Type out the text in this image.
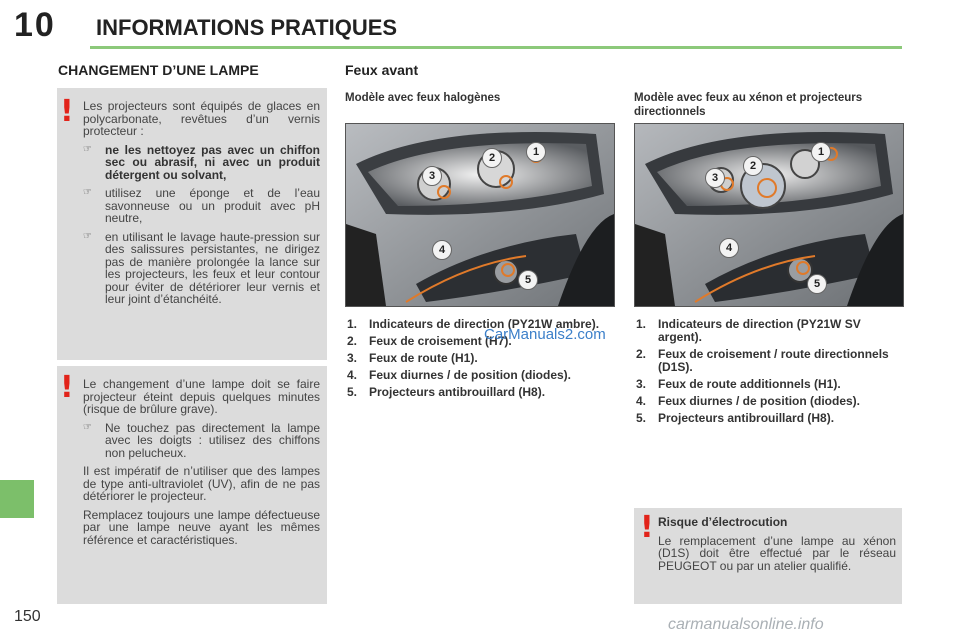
10 INFORMATIONS PRATIQUES
150
CHANGEMENT D’UNE LAMPE
! Les projecteurs sont équipés de glaces en polycarbonate, revêtues d’un vernis protecteur :

☞ ne les nettoyez pas avec un chiffon sec ou abrasif, ni avec un produit détergent ou solvant,
☞ utilisez une éponge et de l’eau savonneuse ou un produit avec pH neutre,
☞ en utilisant le lavage haute-pression sur des salissures persistantes, ne dirigez pas de manière prolongée la lance sur les projecteurs, les feux et leur contour pour éviter de détériorer leur vernis et leur joint d’étanchéité.
! Le changement d’une lampe doit se faire projecteur éteint depuis quelques minutes (risque de brûlure grave).

☞ Ne touchez pas directement la lampe avec les doigts : utilisez des chiffons non pelucheux.

Il est impératif de n’utiliser que des lampes de type anti-ultraviolet (UV), afin de ne pas détériorer le projecteur.

Remplacez toujours une lampe défectueuse par une lampe neuve ayant les mêmes référence et caractéristiques.

Feux avant
Modèle avec feux halogènes	Modèle avec feux au xénon et projecteurs directionnels
1
2
3
4
5
1
2
3
4
5
1. Indicateurs de direction (PY21W ambre).
2. Feux de croisement (H7).
3. Feux de route (H1).
4. Feux diurnes / de position (diodes).
5. Projecteurs antibrouillard (H8).
1. Indicateurs de direction (PY21W SV argent).
2. Feux de croisement / route directionnels (D1S).
3. Feux de route additionnels (H1).
4. Feux diurnes / de position (diodes).
5. Projecteurs antibrouillard (H8).
! Risque d’électrocution

Le remplacement d’une lampe au xénon (D1S) doit être effectué par le réseau PEUGEOT ou par un atelier qualifié.

CarManuals2.com
carmanualsonline.info
